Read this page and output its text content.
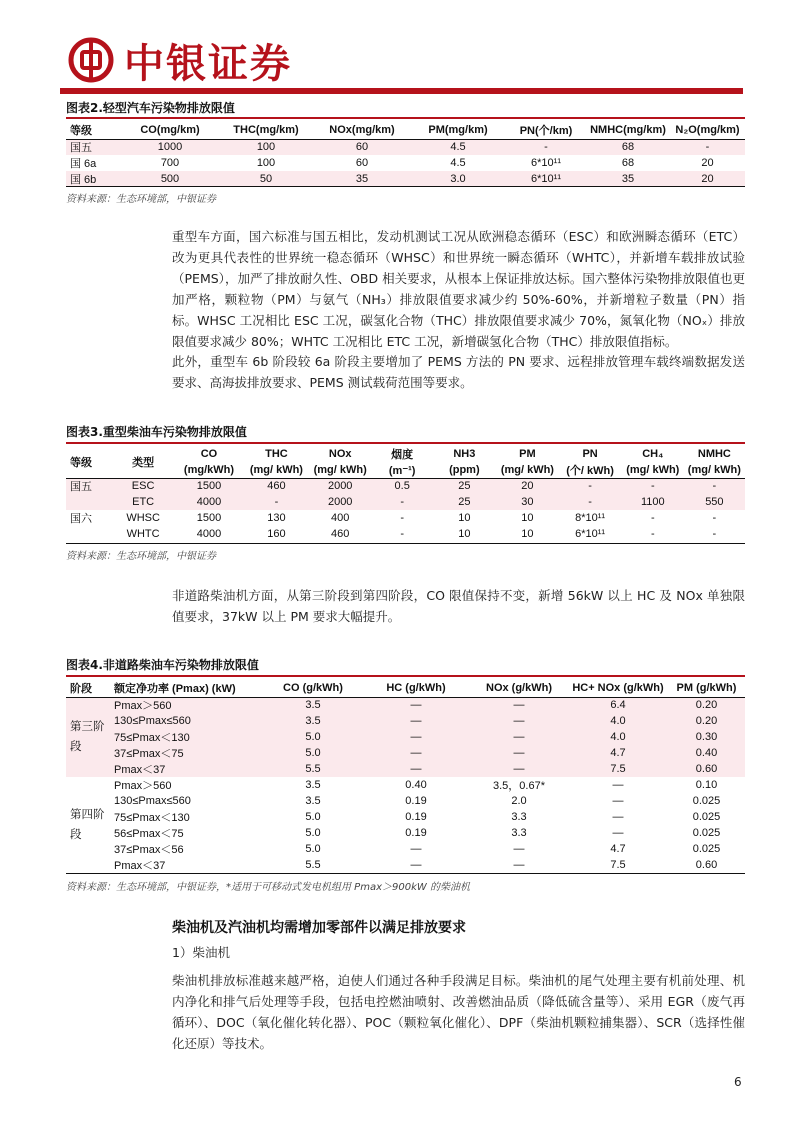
中银证券
图表2.轻型汽车污染物排放限值
等级	CO(mg/km)	THC(mg/km)	NOx(mg/km)	PM(mg/km)	PN(个/km)	NMHC(mg/km)	N₂O(mg/km)
国五	1000	100	60	4.5	-	68	-
国 6a	700	100	60	4.5	6*10¹¹	68	20
国 6b	500	50	35	3.0	6*10¹¹	35	20
资料来源：生态环境部，中银证券
重型车方面，国六标准与国五相比，发动机测试工况从欧洲稳态循环（ESC）和欧洲瞬态循环（ETC）改为更具代表性的世界统一稳态循环（WHSC）和世界统一瞬态循环（WHTC），并新增车载排放试验（PEMS），加严了排放耐久性、OBD 相关要求，从根本上保证排放达标。国六整体污染物排放限值也更加严格，颗粒物（PM）与氨气（NH₃）排放限值要求减少约 50%-60%，并新增粒子数量（PN）指标。WHSC 工况相比 ESC 工况，碳氢化合物（THC）排放限值要求减少 70%，氮氧化物（NOₓ）排放限值要求减少 80%；WHTC 工况相比 ETC 工况，新增碳氢化合物（THC）排放限值指标。
此外，重型车 6b 阶段较 6a 阶段主要增加了 PEMS 方法的 PN 要求、远程排放管理车载终端数据发送要求、高海拔排放要求、PEMS 测试载荷范围等要求。
图表3.重型柴油车污染物排放限值
等级	类型	CO	THC	NOx	烟度	NH3	PM	PN	CH₄	NMHC
		(mg/kWh)	(mg/ kWh)	(mg/ kWh)	(m⁻¹)	(ppm)	(mg/ kWh)	(个/ kWh)	(mg/ kWh)	(mg/ kWh)
国五	ESC	1500	460	2000	0.5	25	20	-	-	-
	ETC	4000	-	2000	-	25	30	-	1100	550
国六	WHSC	1500	130	400	-	10	10	8*10¹¹	-	-
	WHTC	4000	160	460	-	10	10	6*10¹¹	-	-
资料来源：生态环境部，中银证券
非道路柴油机方面，从第三阶段到第四阶段，CO 限值保持不变，新增 56kW 以上 HC 及 NOx 单独限值要求，37kW 以上 PM 要求大幅提升。
图表4.非道路柴油车污染物排放限值
阶段	额定净功率 (Pmax) (kW)	CO (g/kWh)	HC (g/kWh)	NOx (g/kWh)	HC+ NOx (g/kWh)	PM (g/kWh)
第三阶段	Pmax＞560	3.5	—	—	6.4	0.20
	130≤Pmax≤560	3.5	—	—	4.0	0.20
	75≤Pmax＜130	5.0	—	—	4.0	0.30
	37≤Pmax＜75	5.0	—	—	4.7	0.40
	Pmax＜37	5.5	—	—	7.5	0.60
第四阶段	Pmax＞560	3.5	0.40	3.5，0.67*	—	0.10
	130≤Pmax≤560	3.5	0.19	2.0	—	0.025
	75≤Pmax＜130	5.0	0.19	3.3	—	0.025
	56≤Pmax＜75	5.0	0.19	3.3	—	0.025
	37≤Pmax＜56	5.0	—	—	4.7	0.025
	Pmax＜37	5.5	—	—	7.5	0.60
资料来源：生态环境部，中银证券，*适用于可移动式发电机组用 Pmax＞900kW 的柴油机
柴油机及汽油机均需增加零部件以满足排放要求
1）柴油机
柴油机排放标准越来越严格，迫使人们通过各种手段满足目标。柴油机的尾气处理主要有机前处理、机内净化和排气后处理等手段，包括电控燃油喷射、改善燃油品质（降低硫含量等）、采用 EGR（废气再循环）、DOC（氧化催化转化器）、POC（颗粒氧化催化）、DPF（柴油机颗粒捕集器）、SCR（选择性催化还原）等技术。
6
